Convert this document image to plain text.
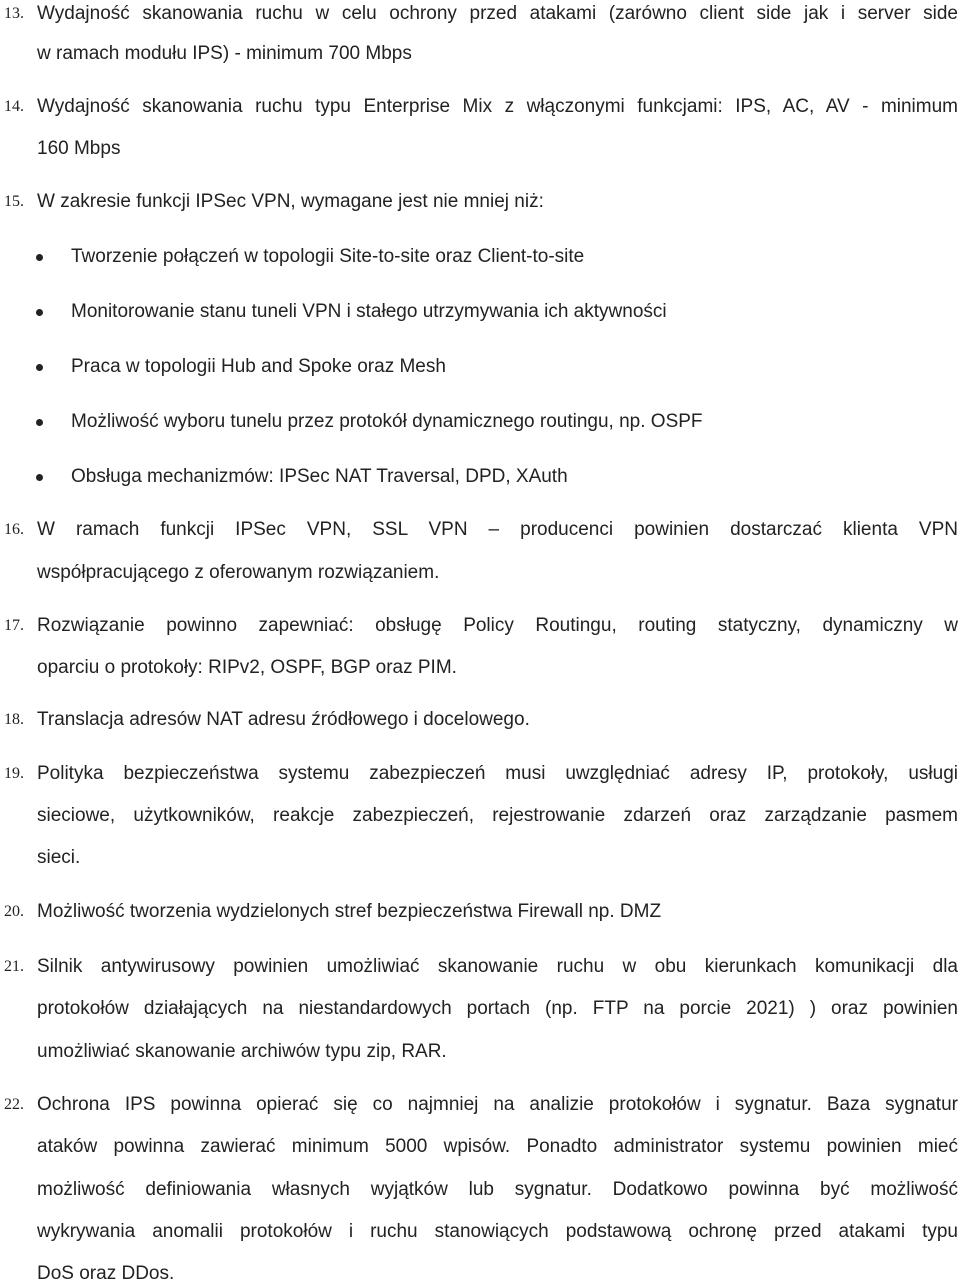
13. Wydajność skanowania ruchu w celu ochrony przed atakami (zarówno client side jak i server side
w ramach modułu IPS) - minimum 700 Mbps
14. Wydajność skanowania ruchu typu Enterprise Mix z włączonymi funkcjami: IPS, AC, AV - minimum
160 Mbps
15. W zakresie funkcji IPSec VPN, wymagane jest nie mniej niż:
Tworzenie połączeń w topologii Site-to-site oraz Client-to-site
Monitorowanie stanu tuneli VPN i stałego utrzymywania ich aktywności
Praca w topologii Hub and Spoke oraz Mesh
Możliwość wyboru tunelu przez protokół dynamicznego routingu, np. OSPF
Obsługa mechanizmów: IPSec NAT Traversal, DPD, XAuth
16. W ramach funkcji IPSec VPN, SSL VPN – producenci powinien dostarczać klienta VPN
współpracującego z oferowanym rozwiązaniem.
17. Rozwiązanie powinno zapewniać: obsługę Policy Routingu, routing statyczny, dynamiczny w
oparciu o protokoły: RIPv2, OSPF, BGP oraz PIM.
18. Translacja adresów NAT adresu źródłowego i docelowego.
19. Polityka bezpieczeństwa systemu zabezpieczeń musi uwzględniać adresy IP, protokoły, usługi
sieciowe, użytkowników, reakcje zabezpieczeń, rejestrowanie zdarzeń oraz zarządzanie pasmem
sieci.
20. Możliwość tworzenia wydzielonych stref bezpieczeństwa Firewall np. DMZ
21. Silnik antywirusowy powinien umożliwiać skanowanie ruchu w obu kierunkach komunikacji dla
protokołów działających na niestandardowych portach (np. FTP na porcie 2021) ) oraz powinien
umożliwiać skanowanie archiwów typu zip, RAR.
22. Ochrona IPS powinna opierać się co najmniej na analizie protokołów i sygnatur. Baza sygnatur
ataków powinna zawierać minimum 5000 wpisów. Ponadto administrator systemu powinien mieć
możliwość definiowania własnych wyjątków lub sygnatur. Dodatkowo powinna być możliwość
wykrywania anomalii protokołów i ruchu stanowiących podstawową ochronę przed atakami typu
DoS oraz DDos.
